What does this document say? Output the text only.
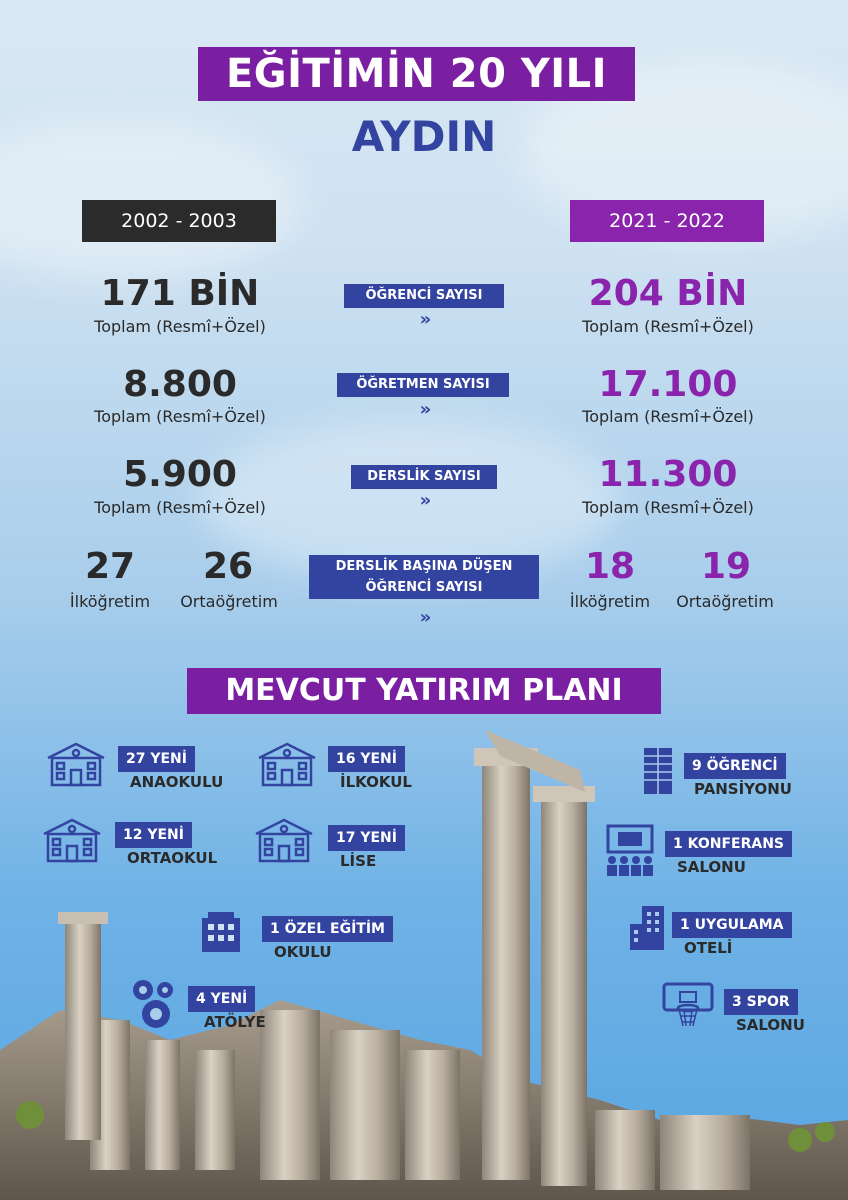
EĞİTİMİN 20 YILI
AYDIN
2002 - 2003	2021 - 2022
171 BİN
Toplam (Resmî+Özel)
ÖĞRENCİ SAYISI
»
204 BİN
Toplam (Resmî+Özel)
8.800
Toplam (Resmî+Özel)
ÖĞRETMEN SAYISI
»
17.100
Toplam (Resmî+Özel)
5.900
Toplam (Resmî+Özel)
DERSLİK SAYISI
»
11.300
Toplam (Resmî+Özel)
27
İlköğretim
26
Ortaöğretim
DERSLİK BAŞINA DÜŞEN
ÖĞRENCİ SAYISI
»
18
İlköğretim
19
Ortaöğretim
MEVCUT YATIRIM PLANI
27 YENİ
ANAOKULU
16 YENİ
İLKOKUL
12 YENİ
ORTAOKUL
17 YENİ
LİSE
1 ÖZEL EĞİTİM
OKULU
4 YENİ
ATÖLYE
9 ÖĞRENCİ
PANSİYONU
1 KONFERANS
SALONU
1 UYGULAMA
OTELİ
3 SPOR
SALONU
